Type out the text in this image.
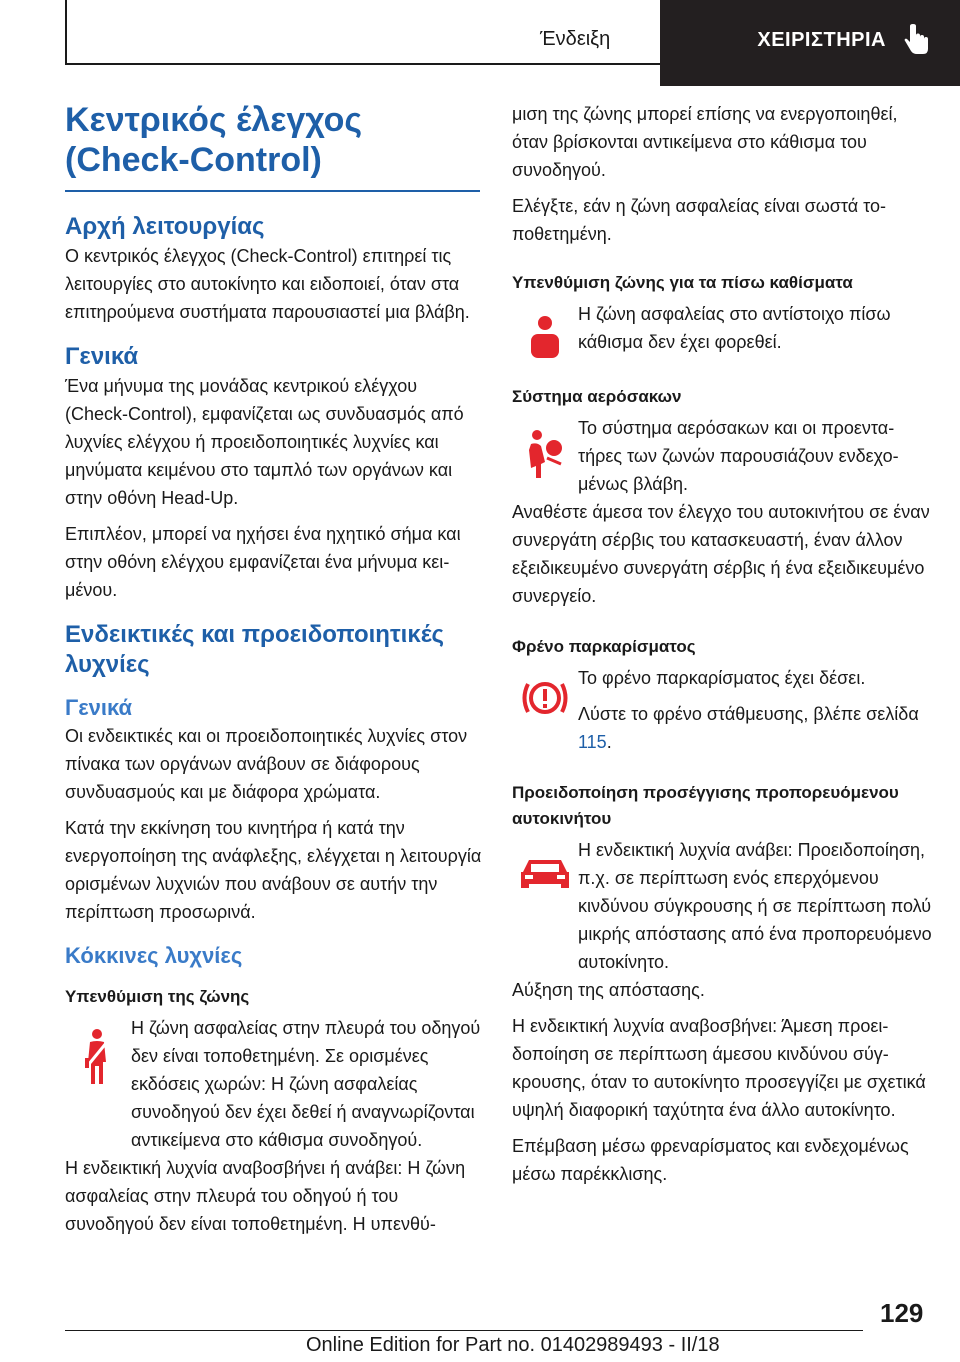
Ένδειξη	ΧΕΙΡΙΣΤΗΡΙΑ
Κεντρικός έλεγχος (Check-Control)
Αρχή λειτουργίας
Ο κεντρικός έλεγχος (Check-Control) επιτηρεί τις λειτουργίες στο αυτοκίνητο και ειδοποιεί, όταν στα επιτηρούμενα συστήματα παρουσιαστεί μια βλάβη.
Γενικά
Ένα μήνυμα της μονάδας κεντρικού ελέγχου (Check-Control), εμφανίζεται ως συνδυασμός από λυχνίες ελέγχου ή προειδοποιητικές λυχνίες και μηνύματα κειμένου στο ταμπλό των οργάνων και στην οθόνη Head-Up.
Επιπλέον, μπορεί να ηχήσει ένα ηχητικό σήμα και στην οθόνη ελέγχου εμφανίζεται ένα μήνυμα κειμένου.
Ενδεικτικές και προειδοποιητικές λυχνίες
Γενικά
Οι ενδεικτικές και οι προειδοποιητικές λυχνίες στον πίνακα των οργάνων ανάβουν σε διάφορους συνδυασμούς και με διάφορα χρώματα.
Κατά την εκκίνηση του κινητήρα ή κατά την ενεργοποίηση της ανάφλεξης, ελέγχεται η λειτουργία ορισμένων λυχνιών που ανάβουν σε αυτήν την περίπτωση προσωρινά.
Κόκκινες λυχνίες
Υπενθύμιση της ζώνης
Η ζώνη ασφαλείας στην πλευρά του οδηγού δεν είναι τοποθετημένη. Σε ορισμένες εκδόσεις χωρών: Η ζώνη ασφαλείας συνοδηγού δεν έχει δεθεί ή αναγνωρίζονται αντικείμενα στο κάθισμα συνοδηγού.
Η ενδεικτική λυχνία αναβοσβήνει ή ανάβει: Η ζώνη ασφαλείας στην πλευρά του οδηγού ή του συνοδηγού δεν είναι τοποθετημένη. Η υπενθύ-
μιση της ζώνης μπορεί επίσης να ενεργοποιηθεί, όταν βρίσκονται αντικείμενα στο κάθισμα του συνοδηγού.
Ελέγξτε, εάν η ζώνη ασφαλείας είναι σωστά τοποθετημένη.
Υπενθύμιση ζώνης για τα πίσω καθίσματα
Η ζώνη ασφαλείας στο αντίστοιχο πίσω κάθισμα δεν έχει φορεθεί.
Σύστημα αερόσακων
Το σύστημα αερόσακων και οι προεντατήρες των ζωνών παρουσιάζουν ενδεχομένως βλάβη.
Αναθέστε άμεσα τον έλεγχο του αυτοκινήτου σε έναν συνεργάτη σέρβις του κατασκευαστή, έναν άλλον εξειδικευμένο συνεργάτη σέρβις ή ένα εξειδικευμένο συνεργείο.
Φρένο παρκαρίσματος
Το φρένο παρκαρίσματος έχει δέσει.
Λύστε το φρένο στάθμευσης, βλέπε σελίδα 115.
Προειδοποίηση προσέγγισης προπορευόμενου αυτοκινήτου
Η ενδεικτική λυχνία ανάβει: Προειδοποίηση, π.χ. σε περίπτωση ενός επερχόμενου κινδύνου σύγκρουσης ή σε περίπτωση πολύ μικρής απόστασης από ένα προπορευόμενο αυτοκίνητο.
Αύξηση της απόστασης.
Η ενδεικτική λυχνία αναβοσβήνει: Άμεση προειδοποίηση σε περίπτωση άμεσου κινδύνου σύγκρουσης, όταν το αυτοκίνητο προσεγγίζει με σχετικά υψηλή διαφορική ταχύτητα ένα άλλο αυτοκίνητο.
Επέμβαση μέσω φρεναρίσματος και ενδεχομένως μέσω παρέκκλισης.
129
Online Edition for Part no. 01402989493 - II/18
